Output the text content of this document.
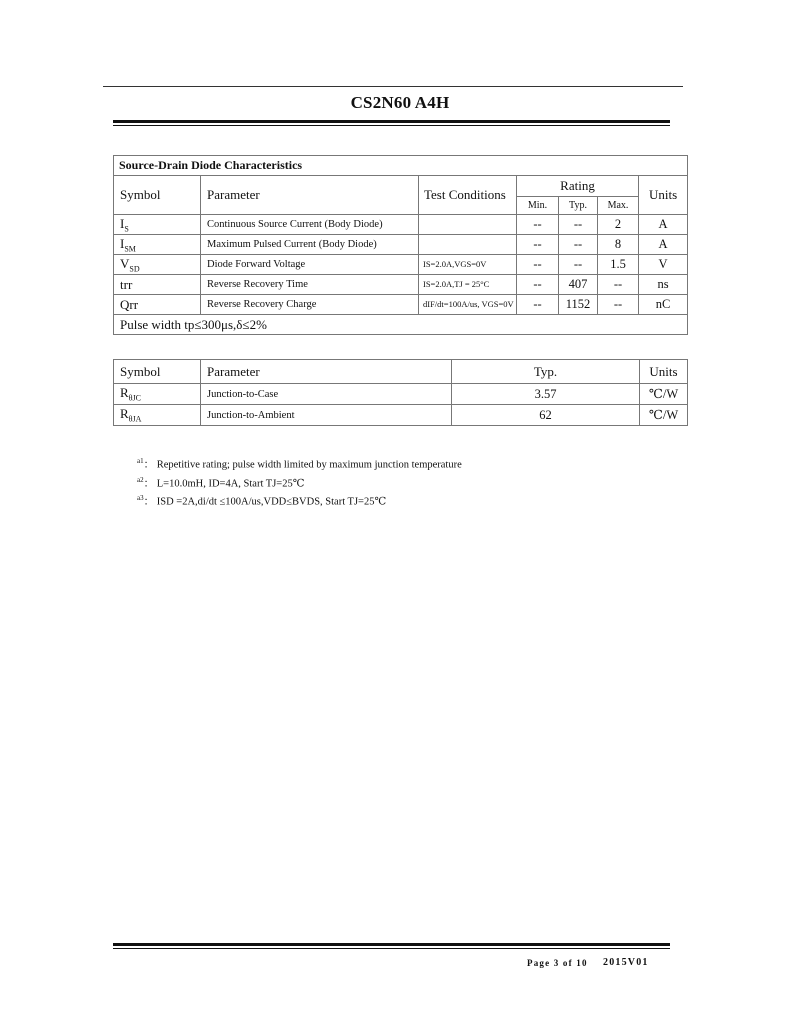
CS2N60 A4H
Source-Drain Diode Characteristics						
Symbol	Parameter	Test Conditions	Rating			Units
			Min.	Typ.	Max.	
$I_S$	Continuous Source Current (Body Diode)		--	--	2	A
$I_{SM}$	Maximum Pulsed Current (Body Diode)		--	--	8	A
$V_{SD}$	Diode Forward Voltage	IS=2.0A,VGS=0V	--	--	1.5	V
trr	Reverse Recovery Time	IS=2.0A,TJ = 25°C	--	407	--	ns
Qrr	Reverse Recovery Charge	dIF/dt=100A/us, VGS=0V	--	1152	--	nC
Pulse width tp≤300μs,δ≤2%						
Symbol	Parameter	Typ.	Units
$R_{\theta JC}$	Junction-to-Case	3.57	℃/W
$R_{\theta JA}$	Junction-to-Ambient	62	℃/W
$^{a1}$： Repetitive rating; pulse width limited by maximum junction temperature
$^{a2}$： L=10.0mH, ID=4A, Start TJ=25℃
$^{a3}$： ISD =2A,di/dt ≤100A/us,VDD≤BVDS, Start TJ=25℃
Page 3 of 10 2015V01
